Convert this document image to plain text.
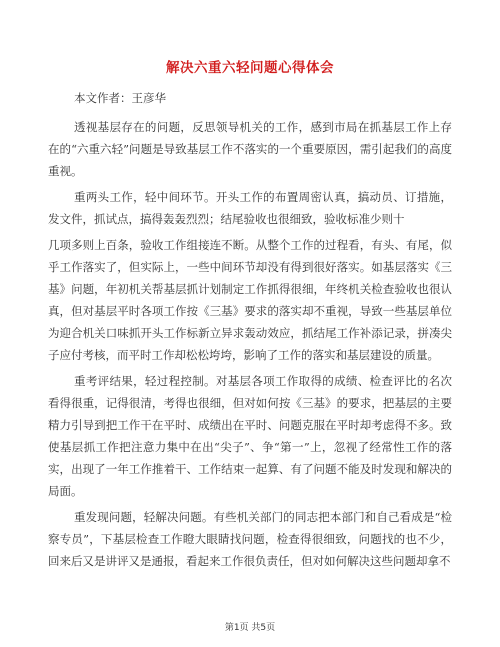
解决六重六轻问题心得体会
本文作者：王彦华

透视基层存在的问题，反思领导机关的工作，感到市局在抓基层工作上存在的“六重六轻”问题是导致基层工作不落实的一个重要原因，需引起我们的高度重视。

重两头工作，轻中间环节。开头工作的布置周密认真，搞动员、订措施，发文件，抓试点，搞得轰轰烈烈；结尾验收也很细致，验收标准少则十

几项多则上百条，验收工作组接连不断。从整个工作的过程看，有头、有尾，似乎工作落实了，但实际上，一些中间环节却没有得到很好落实。如基层落实《三基》问题，年初机关帮基层抓计划制定工作抓得很细，年终机关检查验收也很认真，但对基层平时各项工作按《三基》要求的落实却不重视，导致一些基层单位为迎合机关口味抓开头工作标新立异求轰动效应，抓结尾工作补添记录，拼凑尖子应付考核，而平时工作却松松垮垮，影响了工作的落实和基层建设的质量。

重考评结果，轻过程控制。对基层各项工作取得的成绩、检查评比的名次看得很重，记得很清，考得也很细，但对如何按《三基》的要求，把基层的主要精力引导到把工作干在平时、成绩出在平时、问题克服在平时却考虑得不多。致使基层抓工作把注意力集中在出“尖子”、争“第一”上，忽视了经常性工作的落实，出现了一年工作推着干、工作结束一起算、有了问题不能及时发现和解决的局面。

重发现问题，轻解决问题。有些机关部门的同志把本部门和自己看成是“检察专员”，下基层检查工作瞪大眼睛找问题，检查得很细致，问题找的也不少，回来后又是讲评又是通报，看起来工作很负责任，但对如何解决这些问题却拿不

第1页 共5页
